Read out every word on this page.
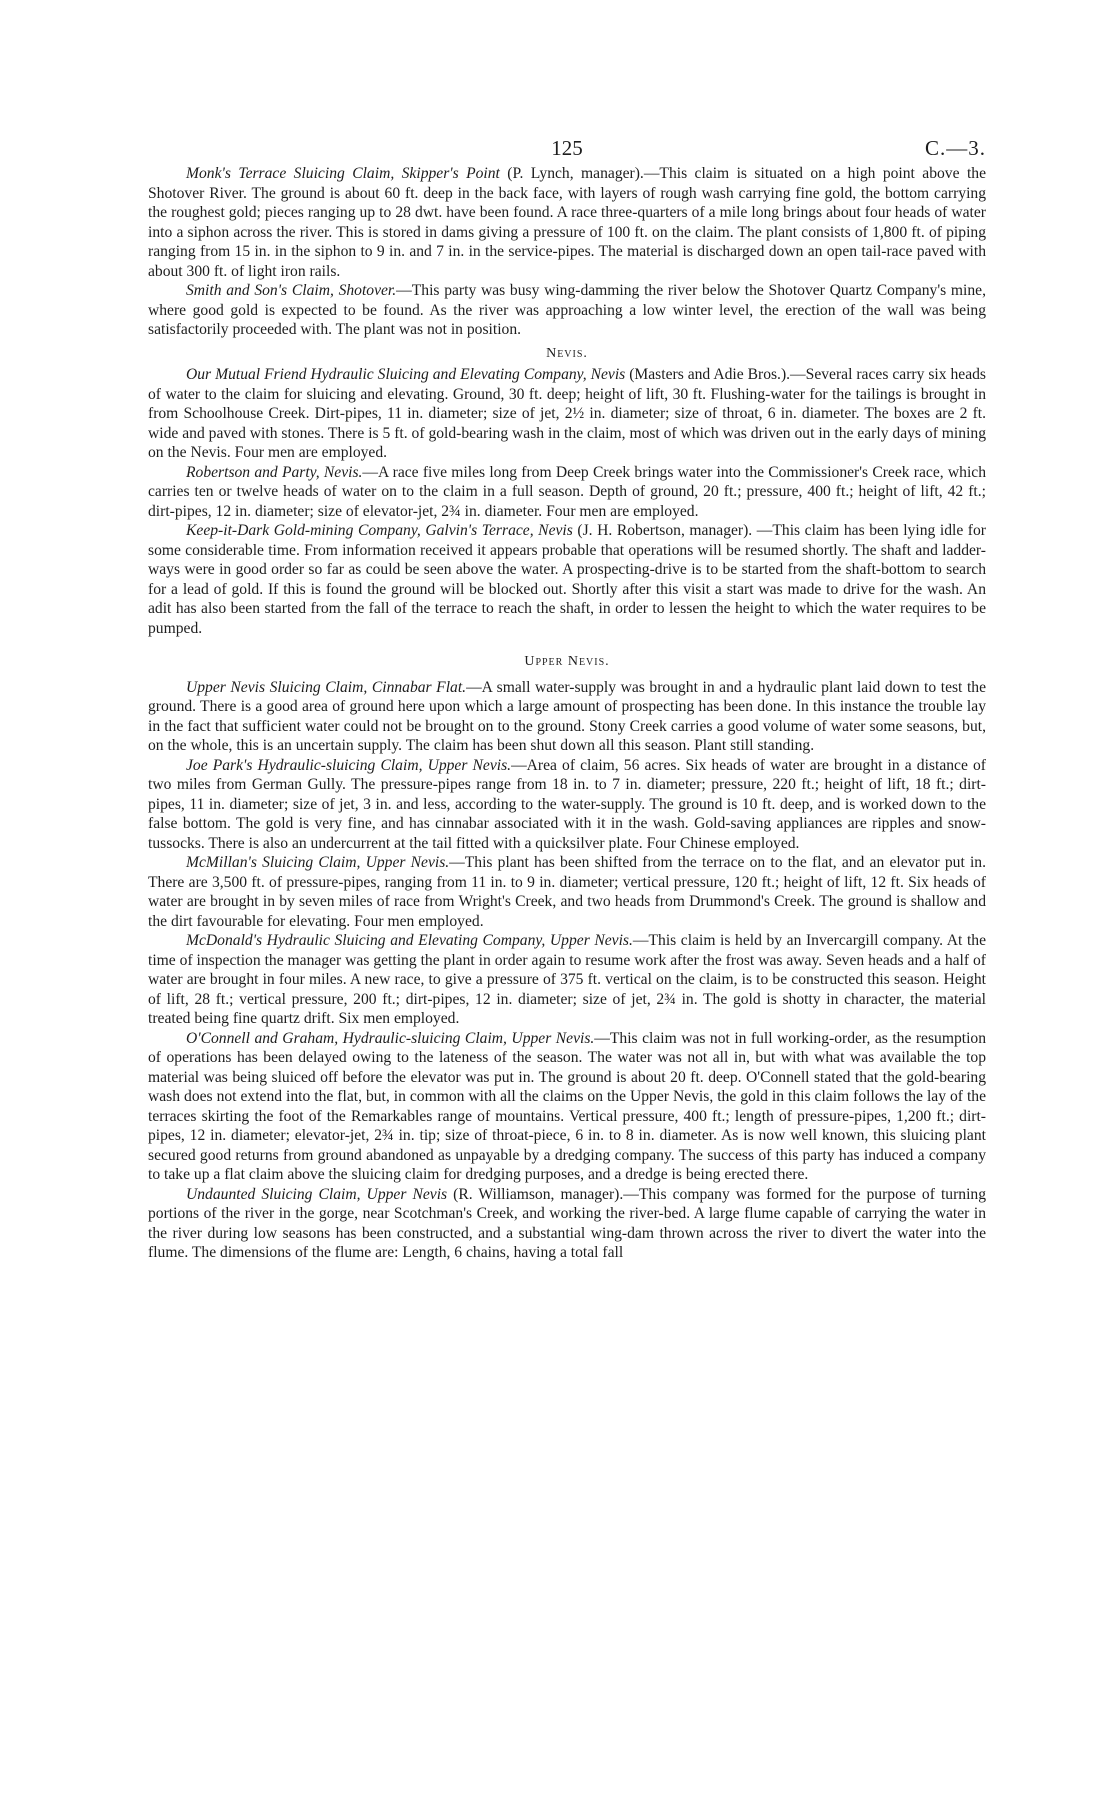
125	C.—3.

Monk's Terrace Sluicing Claim, Skipper's Point (P. Lynch, manager).—This claim is situated on a high point above the Shotover River. The ground is about 60 ft. deep in the back face, with layers of rough wash carrying fine gold, the bottom carrying the roughest gold; pieces ranging up to 28 dwt. have been found. A race three-quarters of a mile long brings about four heads of water into a siphon across the river. This is stored in dams giving a pressure of 100 ft. on the claim. The plant consists of 1,800 ft. of piping ranging from 15 in. in the siphon to 9 in. and 7 in. in the service-pipes. The material is discharged down an open tail-race paved with about 300 ft. of light iron rails.

Smith and Son's Claim, Shotover.—This party was busy wing-damming the river below the Shotover Quartz Company's mine, where good gold is expected to be found. As the river was approaching a low winter level, the erection of the wall was being satisfactorily proceeded with. The plant was not in position.

Nevis.

Our Mutual Friend Hydraulic Sluicing and Elevating Company, Nevis (Masters and Adie Bros.).—Several races carry six heads of water to the claim for sluicing and elevating. Ground, 30 ft. deep; height of lift, 30 ft. Flushing-water for the tailings is brought in from Schoolhouse Creek. Dirt-pipes, 11 in. diameter; size of jet, 2½ in. diameter; size of throat, 6 in. diameter. The boxes are 2 ft. wide and paved with stones. There is 5 ft. of gold-bearing wash in the claim, most of which was driven out in the early days of mining on the Nevis. Four men are employed.

Robertson and Party, Nevis.—A race five miles long from Deep Creek brings water into the Commissioner's Creek race, which carries ten or twelve heads of water on to the claim in a full season. Depth of ground, 20 ft.; pressure, 400 ft.; height of lift, 42 ft.; dirt-pipes, 12 in. diameter; size of elevator-jet, 2¾ in. diameter. Four men are employed.

Keep-it-Dark Gold-mining Company, Galvin's Terrace, Nevis (J. H. Robertson, manager). —This claim has been lying idle for some considerable time. From information received it appears probable that operations will be resumed shortly. The shaft and ladder-ways were in good order so far as could be seen above the water. A prospecting-drive is to be started from the shaft-bottom to search for a lead of gold. If this is found the ground will be blocked out. Shortly after this visit a start was made to drive for the wash. An adit has also been started from the fall of the terrace to reach the shaft, in order to lessen the height to which the water requires to be pumped.

Upper Nevis.

Upper Nevis Sluicing Claim, Cinnabar Flat.—A small water-supply was brought in and a hydraulic plant laid down to test the ground. There is a good area of ground here upon which a large amount of prospecting has been done. In this instance the trouble lay in the fact that sufficient water could not be brought on to the ground. Stony Creek carries a good volume of water some seasons, but, on the whole, this is an uncertain supply. The claim has been shut down all this season. Plant still standing.

Joe Park's Hydraulic-sluicing Claim, Upper Nevis.—Area of claim, 56 acres. Six heads of water are brought in a distance of two miles from German Gully. The pressure-pipes range from 18 in. to 7 in. diameter; pressure, 220 ft.; height of lift, 18 ft.; dirt-pipes, 11 in. diameter; size of jet, 3 in. and less, according to the water-supply. The ground is 10 ft. deep, and is worked down to the false bottom. The gold is very fine, and has cinnabar associated with it in the wash. Gold-saving appliances are ripples and snow-tussocks. There is also an undercurrent at the tail fitted with a quicksilver plate. Four Chinese employed.

McMillan's Sluicing Claim, Upper Nevis.—This plant has been shifted from the terrace on to the flat, and an elevator put in. There are 3,500 ft. of pressure-pipes, ranging from 11 in. to 9 in. diameter; vertical pressure, 120 ft.; height of lift, 12 ft. Six heads of water are brought in by seven miles of race from Wright's Creek, and two heads from Drummond's Creek. The ground is shallow and the dirt favourable for elevating. Four men employed.

McDonald's Hydraulic Sluicing and Elevating Company, Upper Nevis.—This claim is held by an Invercargill company. At the time of inspection the manager was getting the plant in order again to resume work after the frost was away. Seven heads and a half of water are brought in four miles. A new race, to give a pressure of 375 ft. vertical on the claim, is to be constructed this season. Height of lift, 28 ft.; vertical pressure, 200 ft.; dirt-pipes, 12 in. diameter; size of jet, 2¾ in. The gold is shotty in character, the material treated being fine quartz drift. Six men employed.

O'Connell and Graham, Hydraulic-sluicing Claim, Upper Nevis.—This claim was not in full working-order, as the resumption of operations has been delayed owing to the lateness of the season. The water was not all in, but with what was available the top material was being sluiced off before the elevator was put in. The ground is about 20 ft. deep. O'Connell stated that the gold-bearing wash does not extend into the flat, but, in common with all the claims on the Upper Nevis, the gold in this claim follows the lay of the terraces skirting the foot of the Remarkables range of mountains. Vertical pressure, 400 ft.; length of pressure-pipes, 1,200 ft.; dirt-pipes, 12 in. diameter; elevator-jet, 2¾ in. tip; size of throat-piece, 6 in. to 8 in. diameter. As is now well known, this sluicing plant secured good returns from ground abandoned as unpayable by a dredging company. The success of this party has induced a company to take up a flat claim above the sluicing claim for dredging purposes, and a dredge is being erected there.

Undaunted Sluicing Claim, Upper Nevis (R. Williamson, manager).—This company was formed for the purpose of turning portions of the river in the gorge, near Scotchman's Creek, and working the river-bed. A large flume capable of carrying the water in the river during low seasons has been constructed, and a substantial wing-dam thrown across the river to divert the water into the flume. The dimensions of the flume are: Length, 6 chains, having a total fall
